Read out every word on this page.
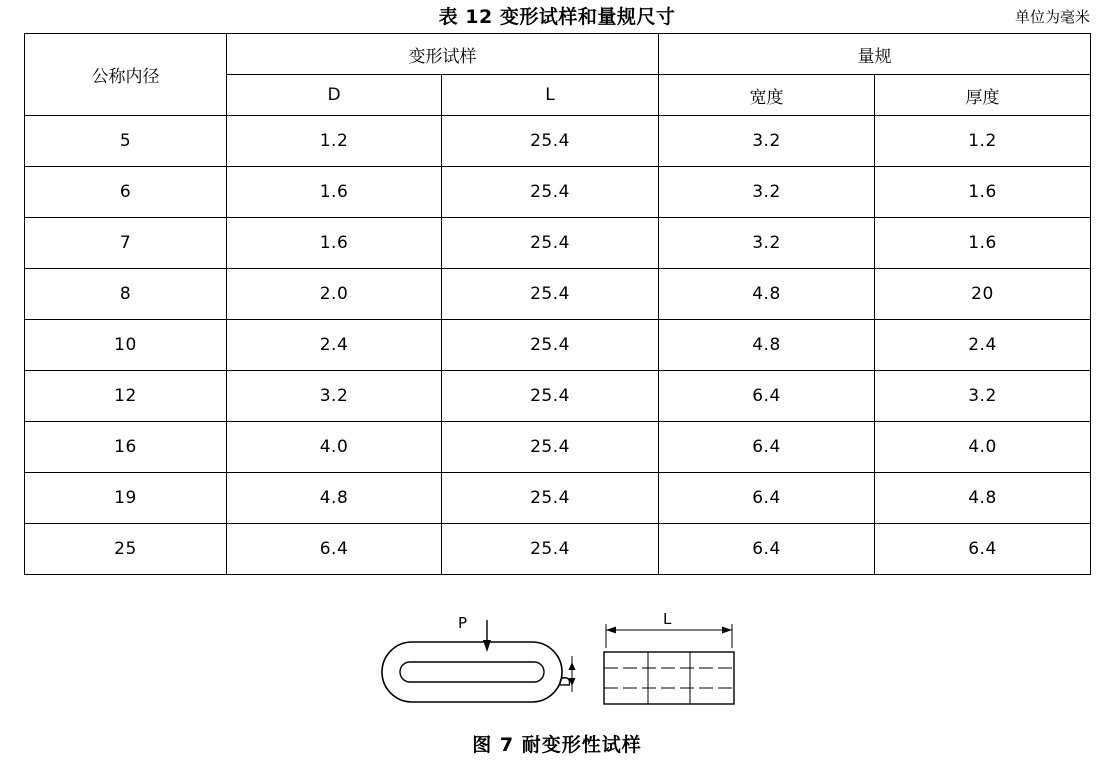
表 12 变形试样和量规尺寸	单位为毫米
公称内径	变形试样		量规	
	D	L	宽度	厚度
5	1.2	25.4	3.2	1.2
6	1.6	25.4	3.2	1.6
7	1.6	25.4	3.2	1.6
8	2.0	25.4	4.8	20
10	2.4	25.4	4.8	2.4
12	3.2	25.4	6.4	3.2
16	4.0	25.4	6.4	4.0
19	4.8	25.4	6.4	4.8
25	6.4	25.4	6.4	6.4
P
D
L
图 7 耐变形性试样
